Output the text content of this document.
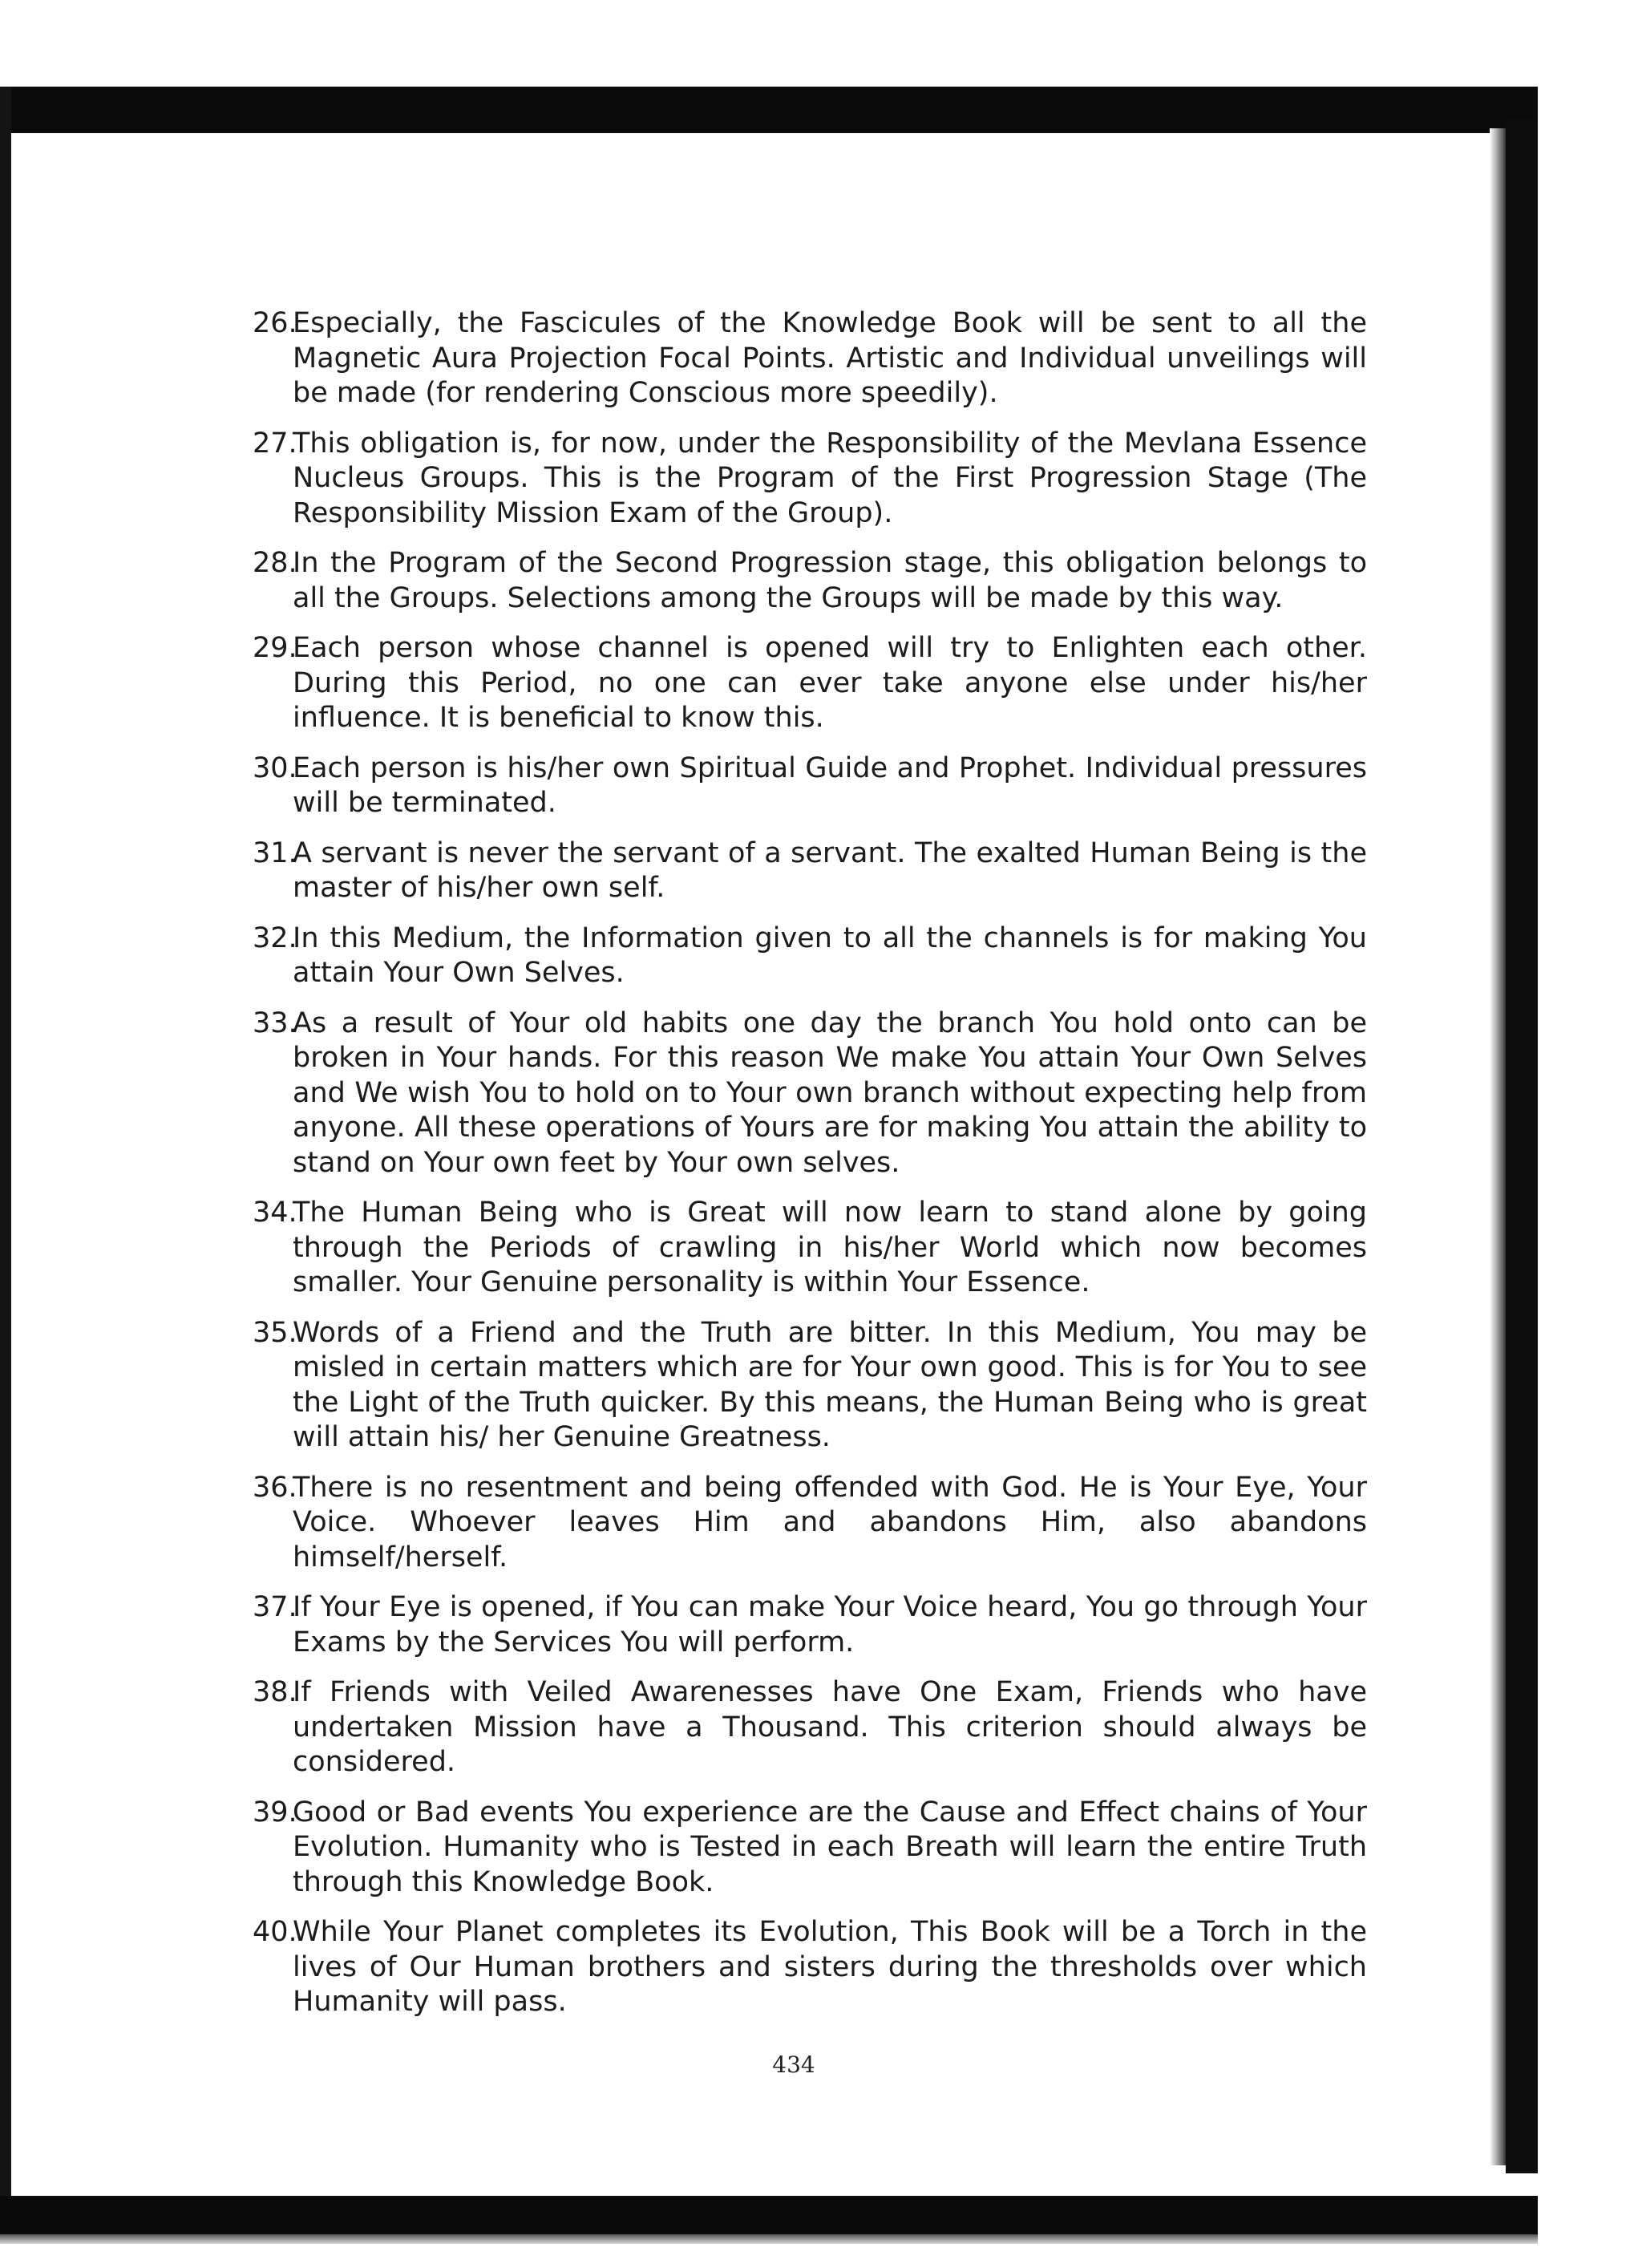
26.
Especially, the Fascicules of the Knowledge Book will be sent to all the Magnetic Aura Projection Focal Points. Artistic and Individual unveilings will be made (for rendering Conscious more speedily).
27.
This obligation is, for now, under the Responsibility of the Mevlana Essence Nucleus Groups. This is the Program of the First Progression Stage (The Responsibility Mission Exam of the Group).
28.
In the Program of the Second Progression stage, this obligation belongs to all the Groups. Selections among the Groups will be made by this way.
29.
Each person whose channel is opened will try to Enlighten each other. During this Period, no one can ever take anyone else under his/her influence. It is beneficial to know this.
30.
Each person is his/her own Spiritual Guide and Prophet. Individual pressures will be terminated.
31.
A servant is never the servant of a servant. The exalted Human Being is the master of his/her own self.
32.
In this Medium, the Information given to all the channels is for making You attain Your Own Selves.
33.
As a result of Your old habits one day the branch You hold onto can be broken in Your hands. For this reason We make You attain Your Own Selves and We wish You to hold on to Your own branch without expecting help from anyone. All these operations of Yours are for making You attain the ability to stand on Your own feet by Your own selves.
34.
The Human Being who is Great will now learn to stand alone by going through the Periods of crawling in his/her World which now becomes smaller. Your Genuine personality is within Your Essence.
35.
Words of a Friend and the Truth are bitter. In this Medium, You may be misled in certain matters which are for Your own good. This is for You to see the Light of the Truth quicker. By this means, the Human Being who is great will attain his/ her Genuine Greatness.
36.
There is no resentment and being offended with God. He is Your Eye, Your Voice. Whoever leaves Him and abandons Him, also abandons himself/herself.
37.
If Your Eye is opened, if You can make Your Voice heard, You go through Your Exams by the Services You will perform.
38.
If Friends with Veiled Awarenesses have One Exam, Friends who have undertaken Mission have a Thousand. This criterion should always be considered.
39.
Good or Bad events You experience are the Cause and Effect chains of Your Evolution. Humanity who is Tested in each Breath will learn the entire Truth through this Knowledge Book.
40.
While Your Planet completes its Evolution, This Book will be a Torch in the lives of Our Human brothers and sisters during the thresholds over which Humanity will pass.
434
